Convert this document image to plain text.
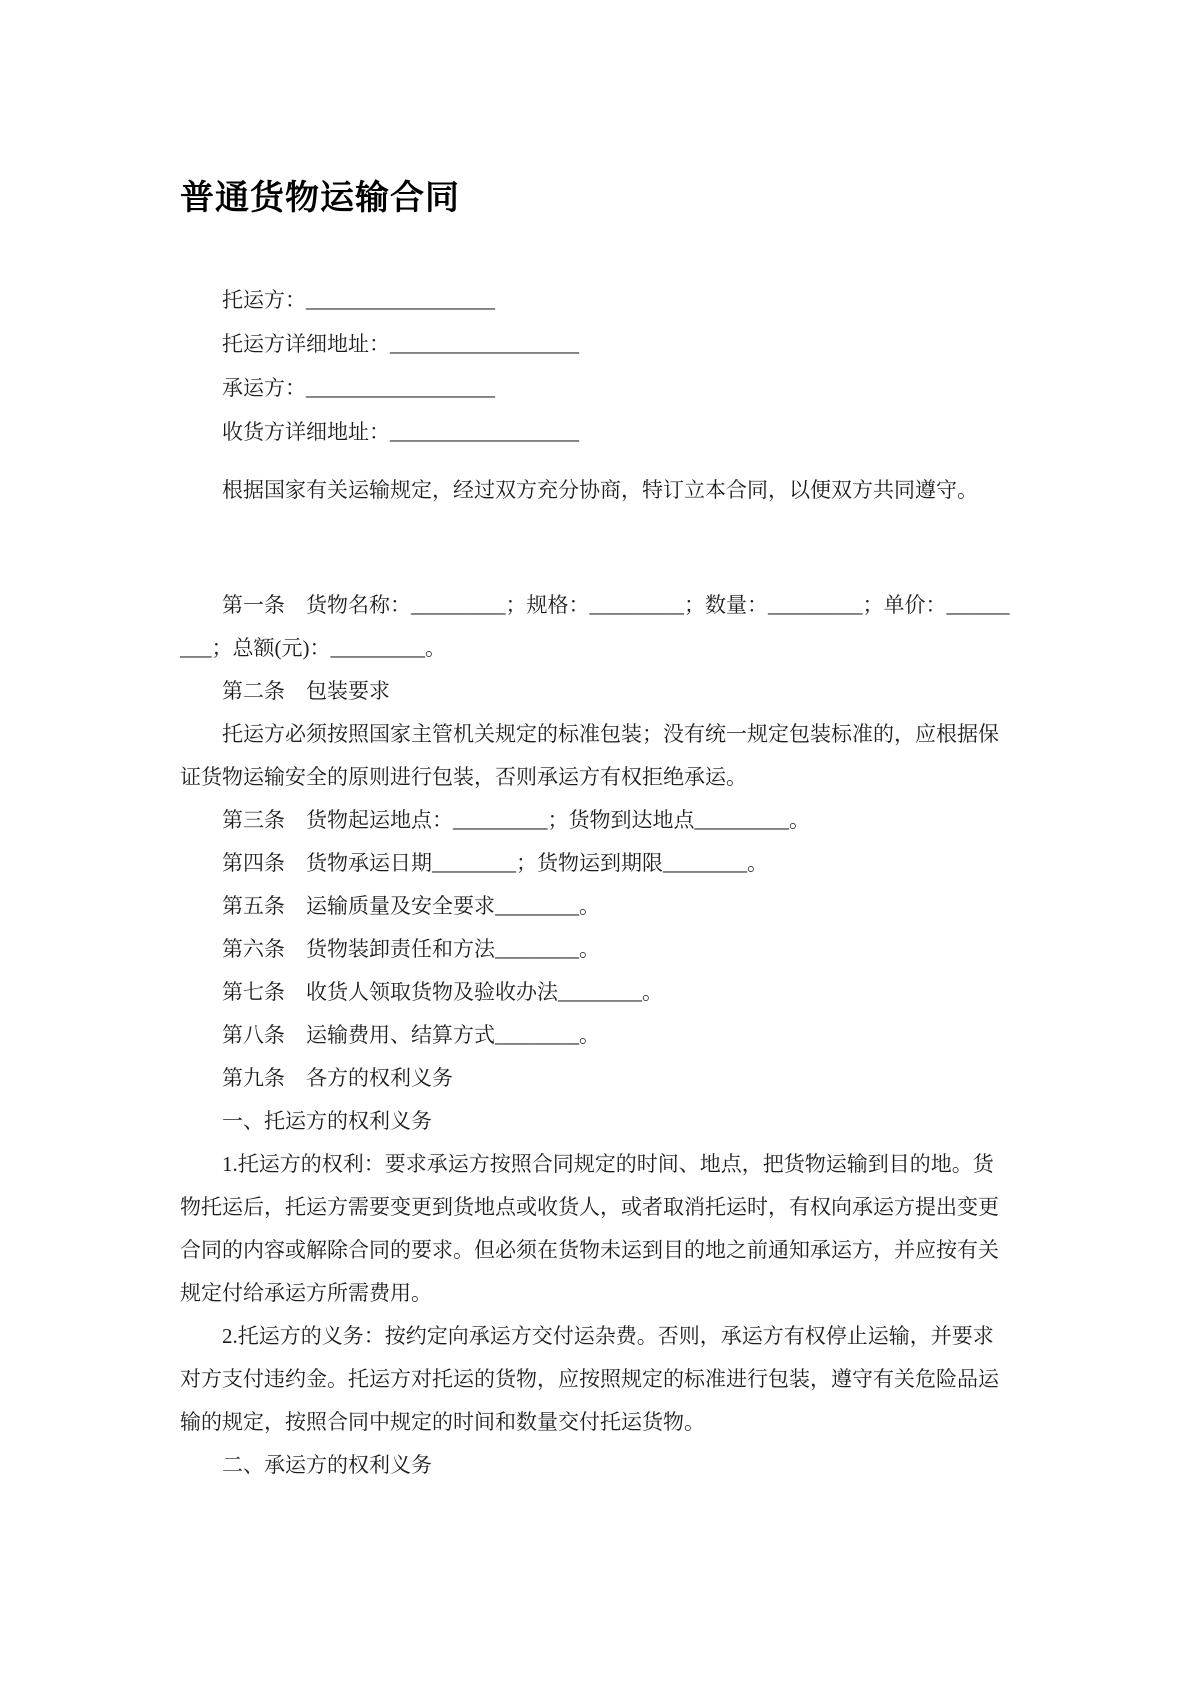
普通货物运输合同

托运方：__________________

托运方详细地址：__________________

承运方：__________________

收货方详细地址：__________________

根据国家有关运输规定，经过双方充分协商，特订立本合同，以便双方共同遵守。

第一条　货物名称：_________；规格：_________；数量：_________；单价：______

___；总额(元)：_________。

第二条　包装要求

托运方必须按照国家主管机关规定的标准包装；没有统一规定包装标准的，应根据保

证货物运输安全的原则进行包装，否则承运方有权拒绝承运。

第三条　货物起运地点：_________；货物到达地点_________。

第四条　货物承运日期________；货物运到期限________。

第五条　运输质量及安全要求________。

第六条　货物装卸责任和方法________。

第七条　收货人领取货物及验收办法________。

第八条　运输费用、结算方式________。

第九条　各方的权利义务

一、托运方的权利义务

1.托运方的权利：要求承运方按照合同规定的时间、地点，把货物运输到目的地。货

物托运后，托运方需要变更到货地点或收货人，或者取消托运时，有权向承运方提出变更

合同的内容或解除合同的要求。但必须在货物未运到目的地之前通知承运方，并应按有关

规定付给承运方所需费用。

2.托运方的义务：按约定向承运方交付运杂费。否则，承运方有权停止运输，并要求

对方支付违约金。托运方对托运的货物，应按照规定的标准进行包装，遵守有关危险品运

输的规定，按照合同中规定的时间和数量交付托运货物。

二、承运方的权利义务
